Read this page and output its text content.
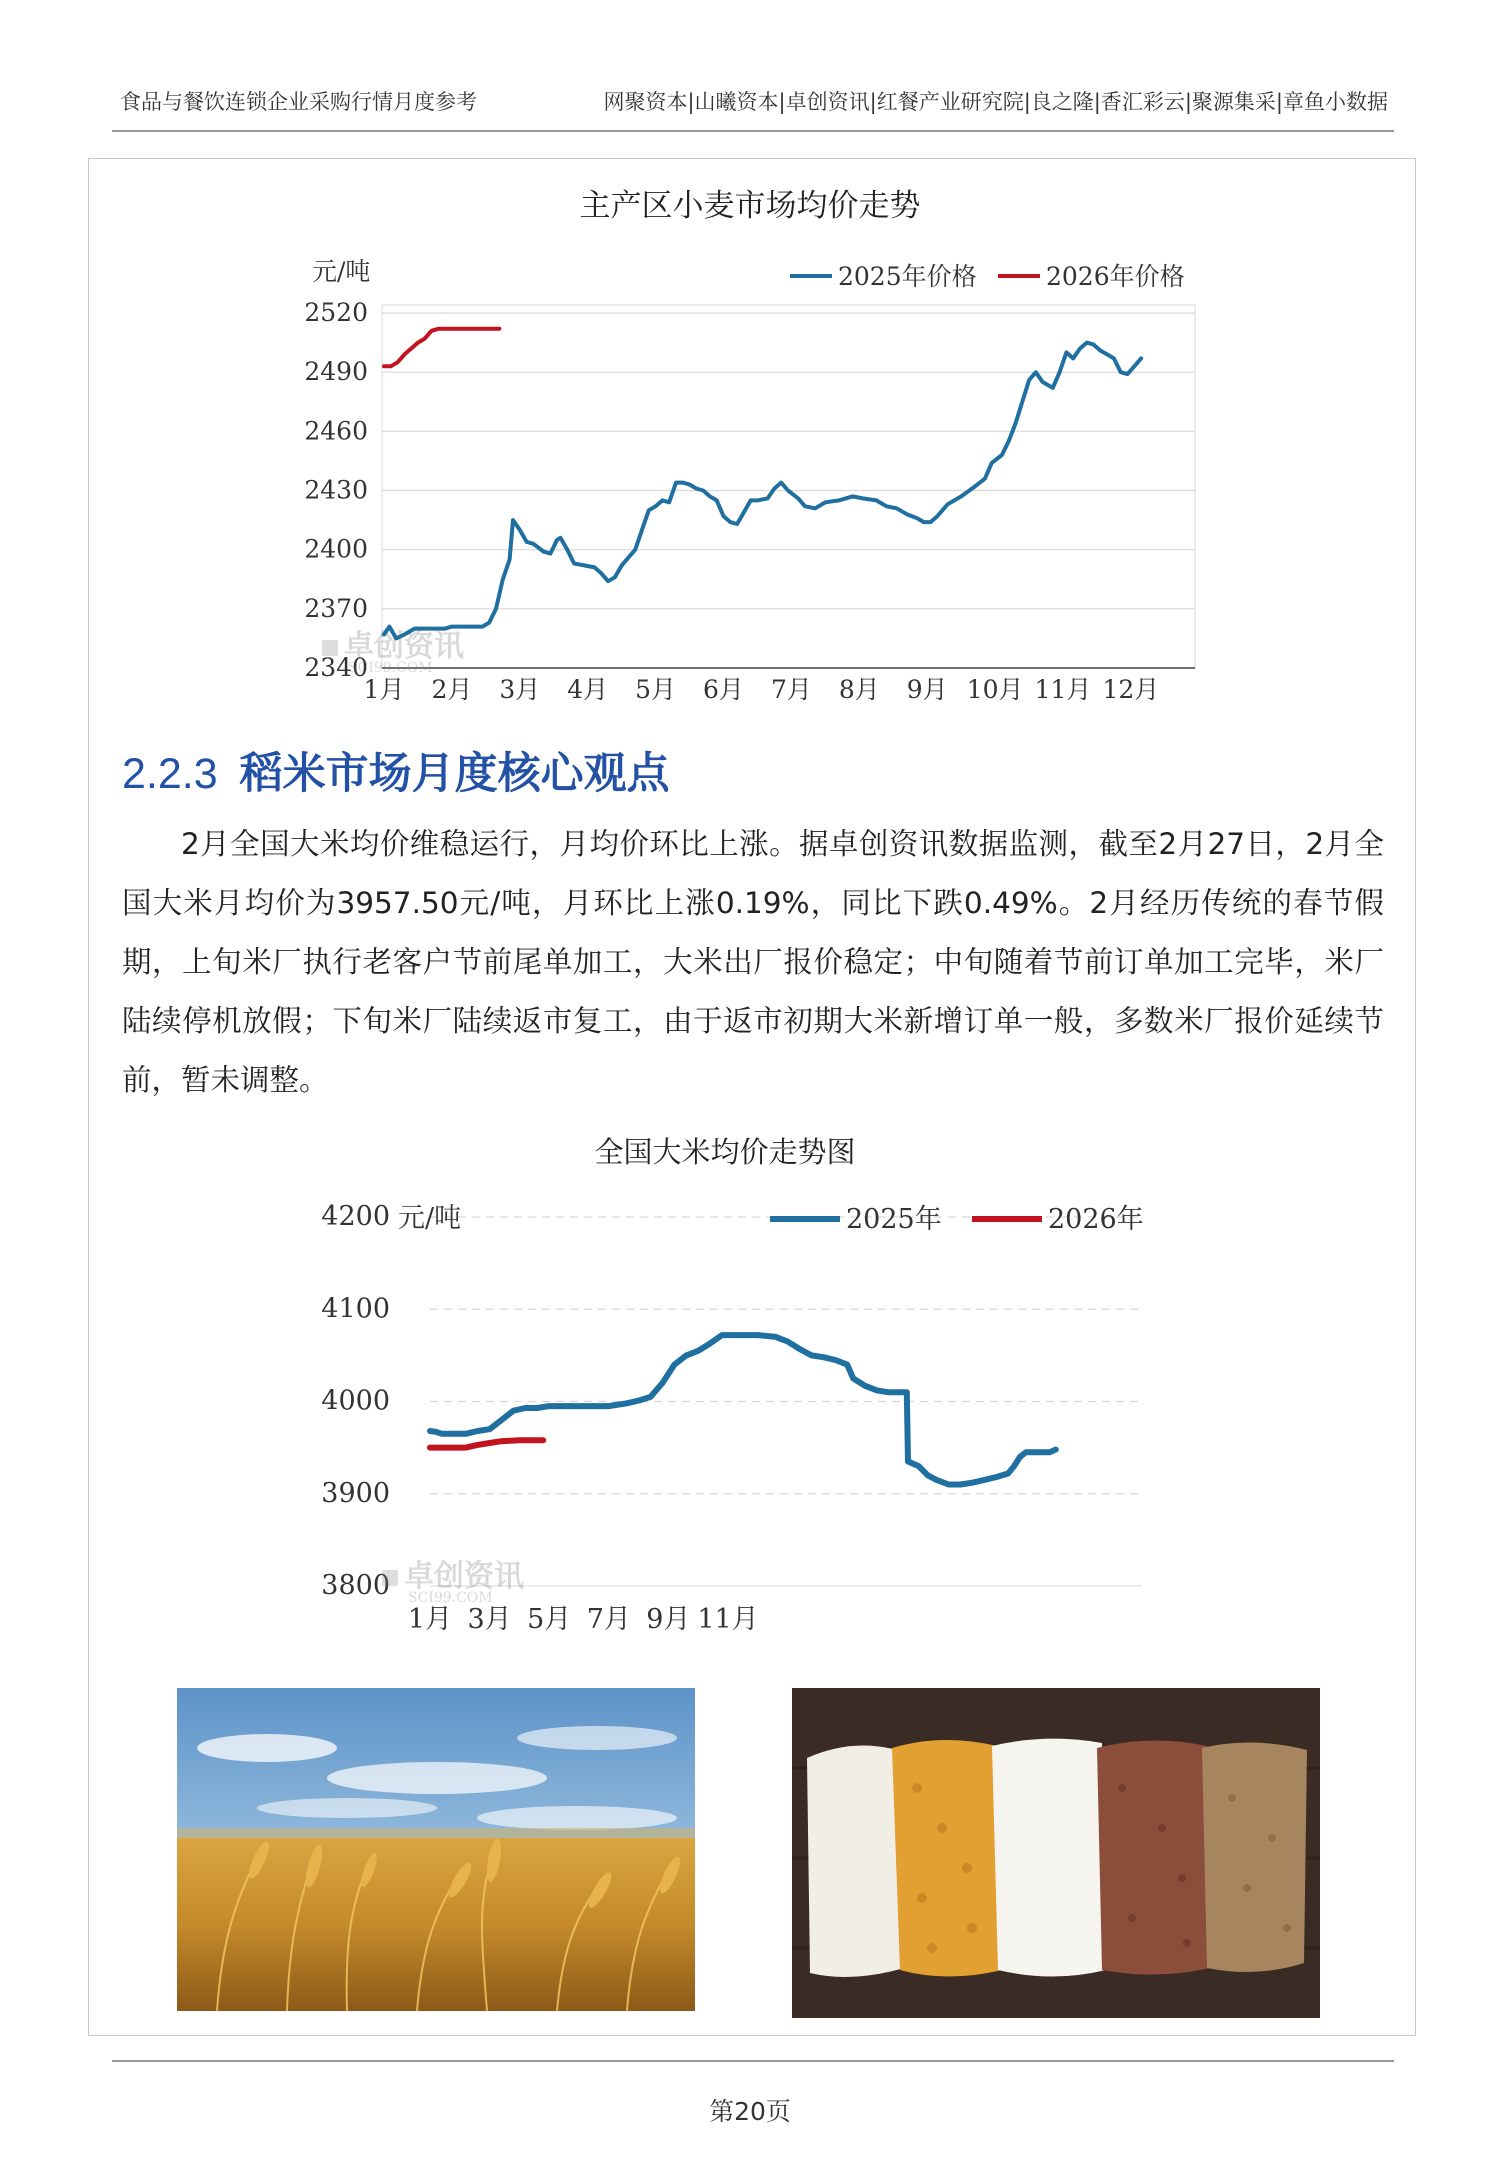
食品与餐饮连锁企业采购行情月度参考	网聚资本|山曦资本|卓创资讯|红餐产业研究院|良之隆|香汇彩云|聚源集采|章鱼小数据
主产区小麦市场均价走势
2340
2370
2400
2430
2460
2490
2520
1月 2月 3月 4月 5月 6月 7月 8月 9月 10月 11月 12月
元/吨
卓创资讯
SCI99.COM
2025年价格	2026年价格
2.2.3 稻米市场月度核心观点

2月全国大米均价维稳运行，月均价环比上涨。据卓创资讯数据监测，截至2月27日，2月全国大米月均价为3957.50元/吨，月环比上涨0.19%，同比下跌0.49%。2月经历传统的春节假期，上旬米厂执行老客户节前尾单加工，大米出厂报价稳定；中旬随着节前订单加工完毕，米厂陆续停机放假；下旬米厂陆续返市复工，由于返市初期大米新增订单一般，多数米厂报价延续节前，暂未调整。

全国大米均价走势图
3800
3900
4000
4100
4200
1月 3月 5月 7月 9月 11月
元/吨
卓创资讯
SCI99.COM
2025年	2026年
第20页
